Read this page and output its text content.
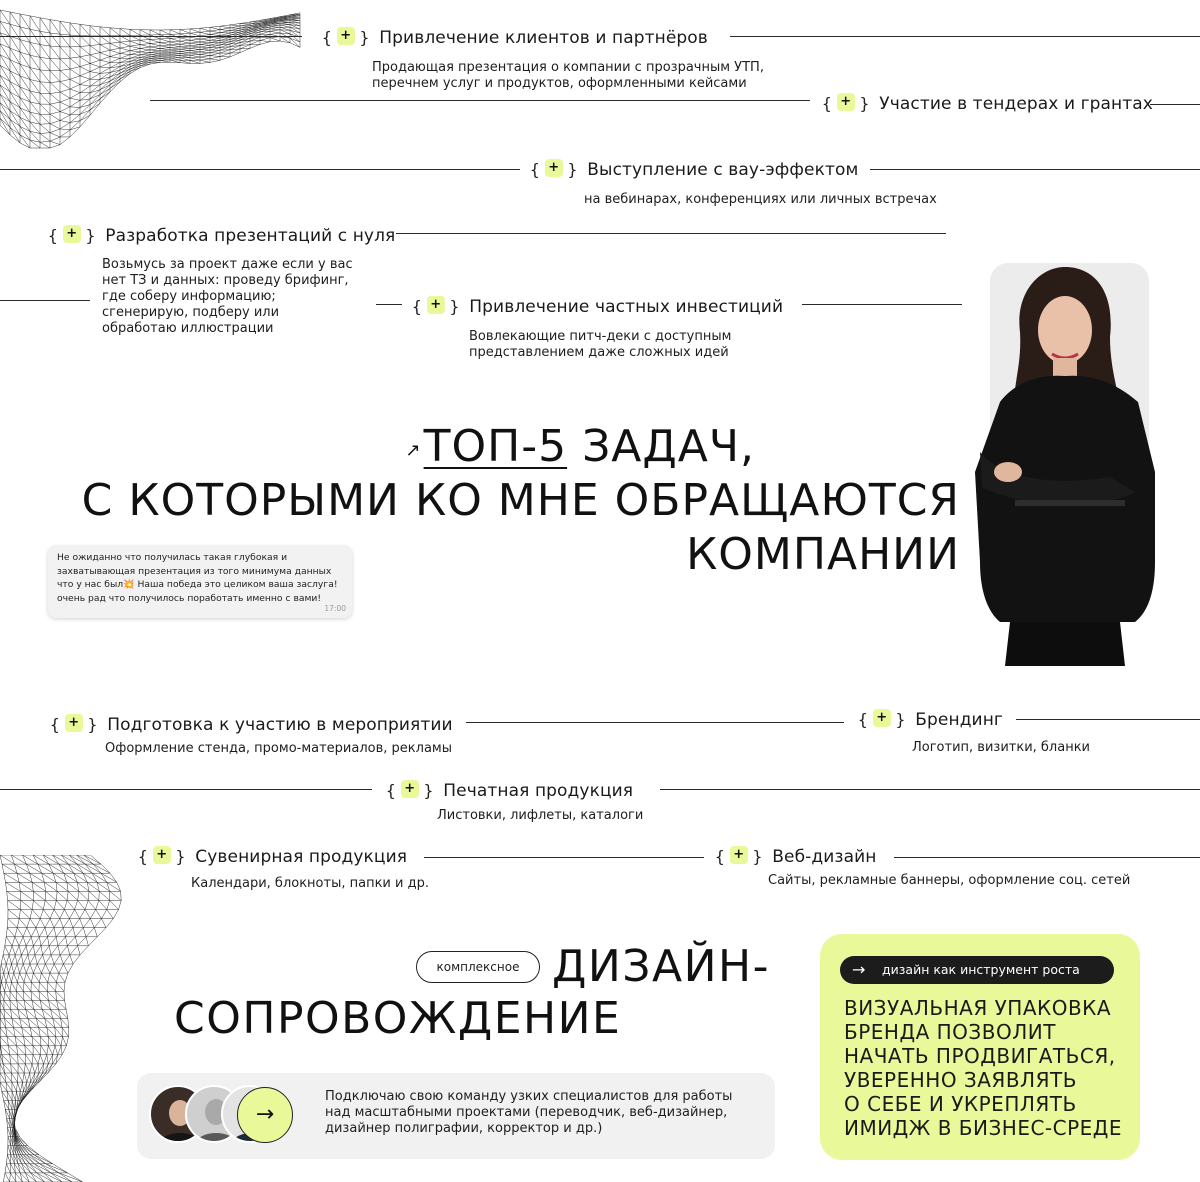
{ + } Привлечение клиентов и партнёров
Продающая презентация о компании с прозрачным УТП,
перечнем услуг и продуктов, оформленными кейсами
{ + } Участие в тендерах и грантах
{ + } Выступление с вау-эффектом
на вебинарах, конференциях или личных встречах
{ + } Разработка презентаций с нуля
Возьмусь за проект даже если у вас
нет ТЗ и данных: проведу брифинг,
где соберу информацию;
сгенерирую, подберу или
обработаю иллюстрации
{ + } Привлечение частных инвестиций
Вовлекающие питч-деки с доступным
представлением даже сложных идей
↗ТОП-5 ЗАДАЧ,
С КОТОРЫМИ КО МНЕ ОБРАЩАЮТСЯ
КОМПАНИИ
Не ожиданно что получилась такая глубокая и
захватывающая презентация из того минимума данных
что у нас был💥 Наша победа это целиком ваша заслуга!
очень рад что получилось поработать именно с вами!
17:00
{ + } Подготовка к участию в мероприятии
Оформление стенда, промо-материалов, рекламы
{ + } Брендинг
Логотип, визитки, бланки
{ + } Печатная продукция
Листовки, лифлеты, каталоги
{ + } Сувенирная продукция
Календари, блокноты, папки и др.
{ + } Веб-дизайн
Сайты, рекламные баннеры, оформление соц. сетей
комплексное ДИЗАЙН-
СОПРОВОЖДЕНИЕ
→
Подключаю свою команду узких специалистов для работы
над масштабными проектами (переводчик, веб-дизайнер,
дизайнер полиграфии, корректор и др.)
→ дизайн как инструмент роста
ВИЗУАЛЬНАЯ УПАКОВКА
БРЕНДА ПОЗВОЛИТ
НАЧАТЬ ПРОДВИГАТЬСЯ,
УВЕРЕННО ЗАЯВЛЯТЬ
О СЕБЕ И УКРЕПЛЯТЬ
ИМИДЖ В БИЗНЕС-СРЕДЕ
